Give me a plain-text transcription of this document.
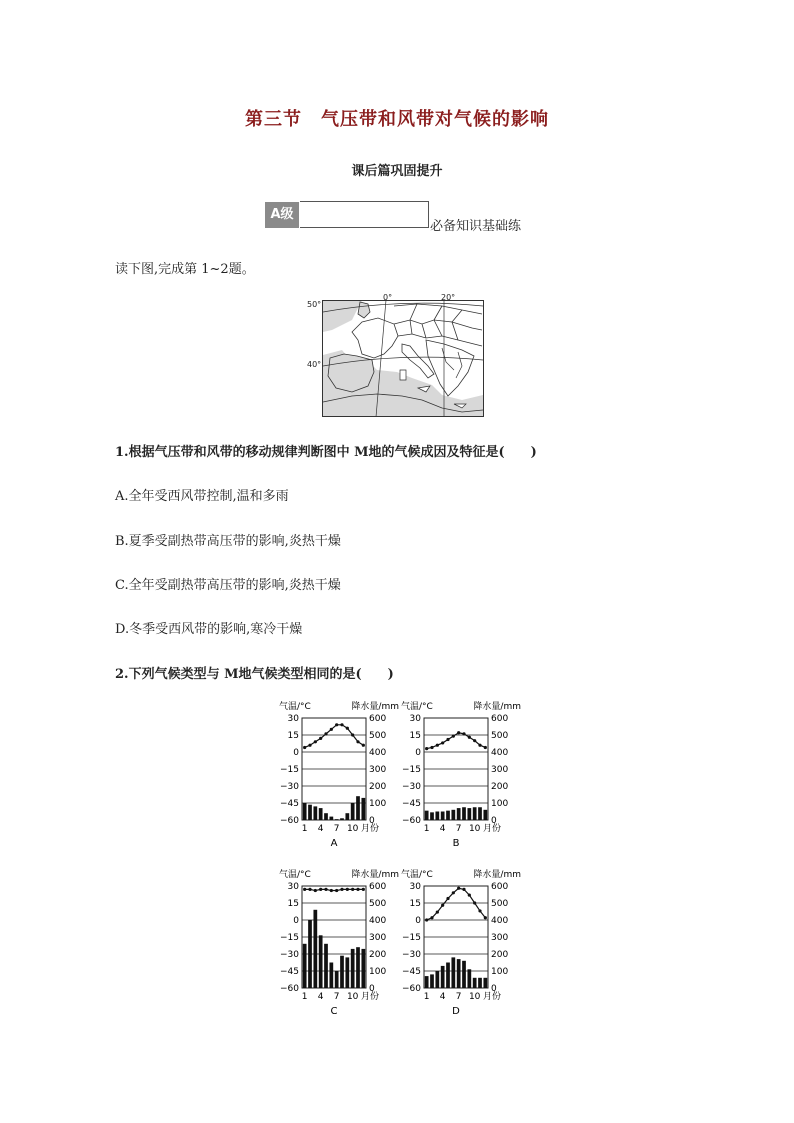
第三节　气压带和风带对气候的影响
课后篇巩固提升
A级
必备知识基础练
读下图,完成第 1~2题。
50°
40°
0°	20°
1.根据气压带和风带的移动规律判断图中 M地的气候成因及特征是(　　)
A.全年受西风带控制,温和多雨
B.夏季受副热带高压带的影响,炎热干燥
C.全年受副热带高压带的影响,炎热干燥
D.冬季受西风带的影响,寒冷干燥
2.下列气候类型与 M地气候类型相同的是(　　)
气温/°C	降水量/mm
30	600
15	500
0	400
−15	300
−30	200
−45	100
−60	0
1 4 7 10 月份
A
气温/°C	降水量/mm
30	600
15	500
0	400
−15	300
−30	200
−45	100
−60	0
1 4 7 10 月份
B
气温/°C	降水量/mm
30	600
15	500
0	400
−15	300
−30	200
−45	100
−60	0
1 4 7 10 月份
C
气温/°C	降水量/mm
30	600
15	500
0	400
−15	300
−30	200
−45	100
−60	0
1 4 7 10 月份
D
